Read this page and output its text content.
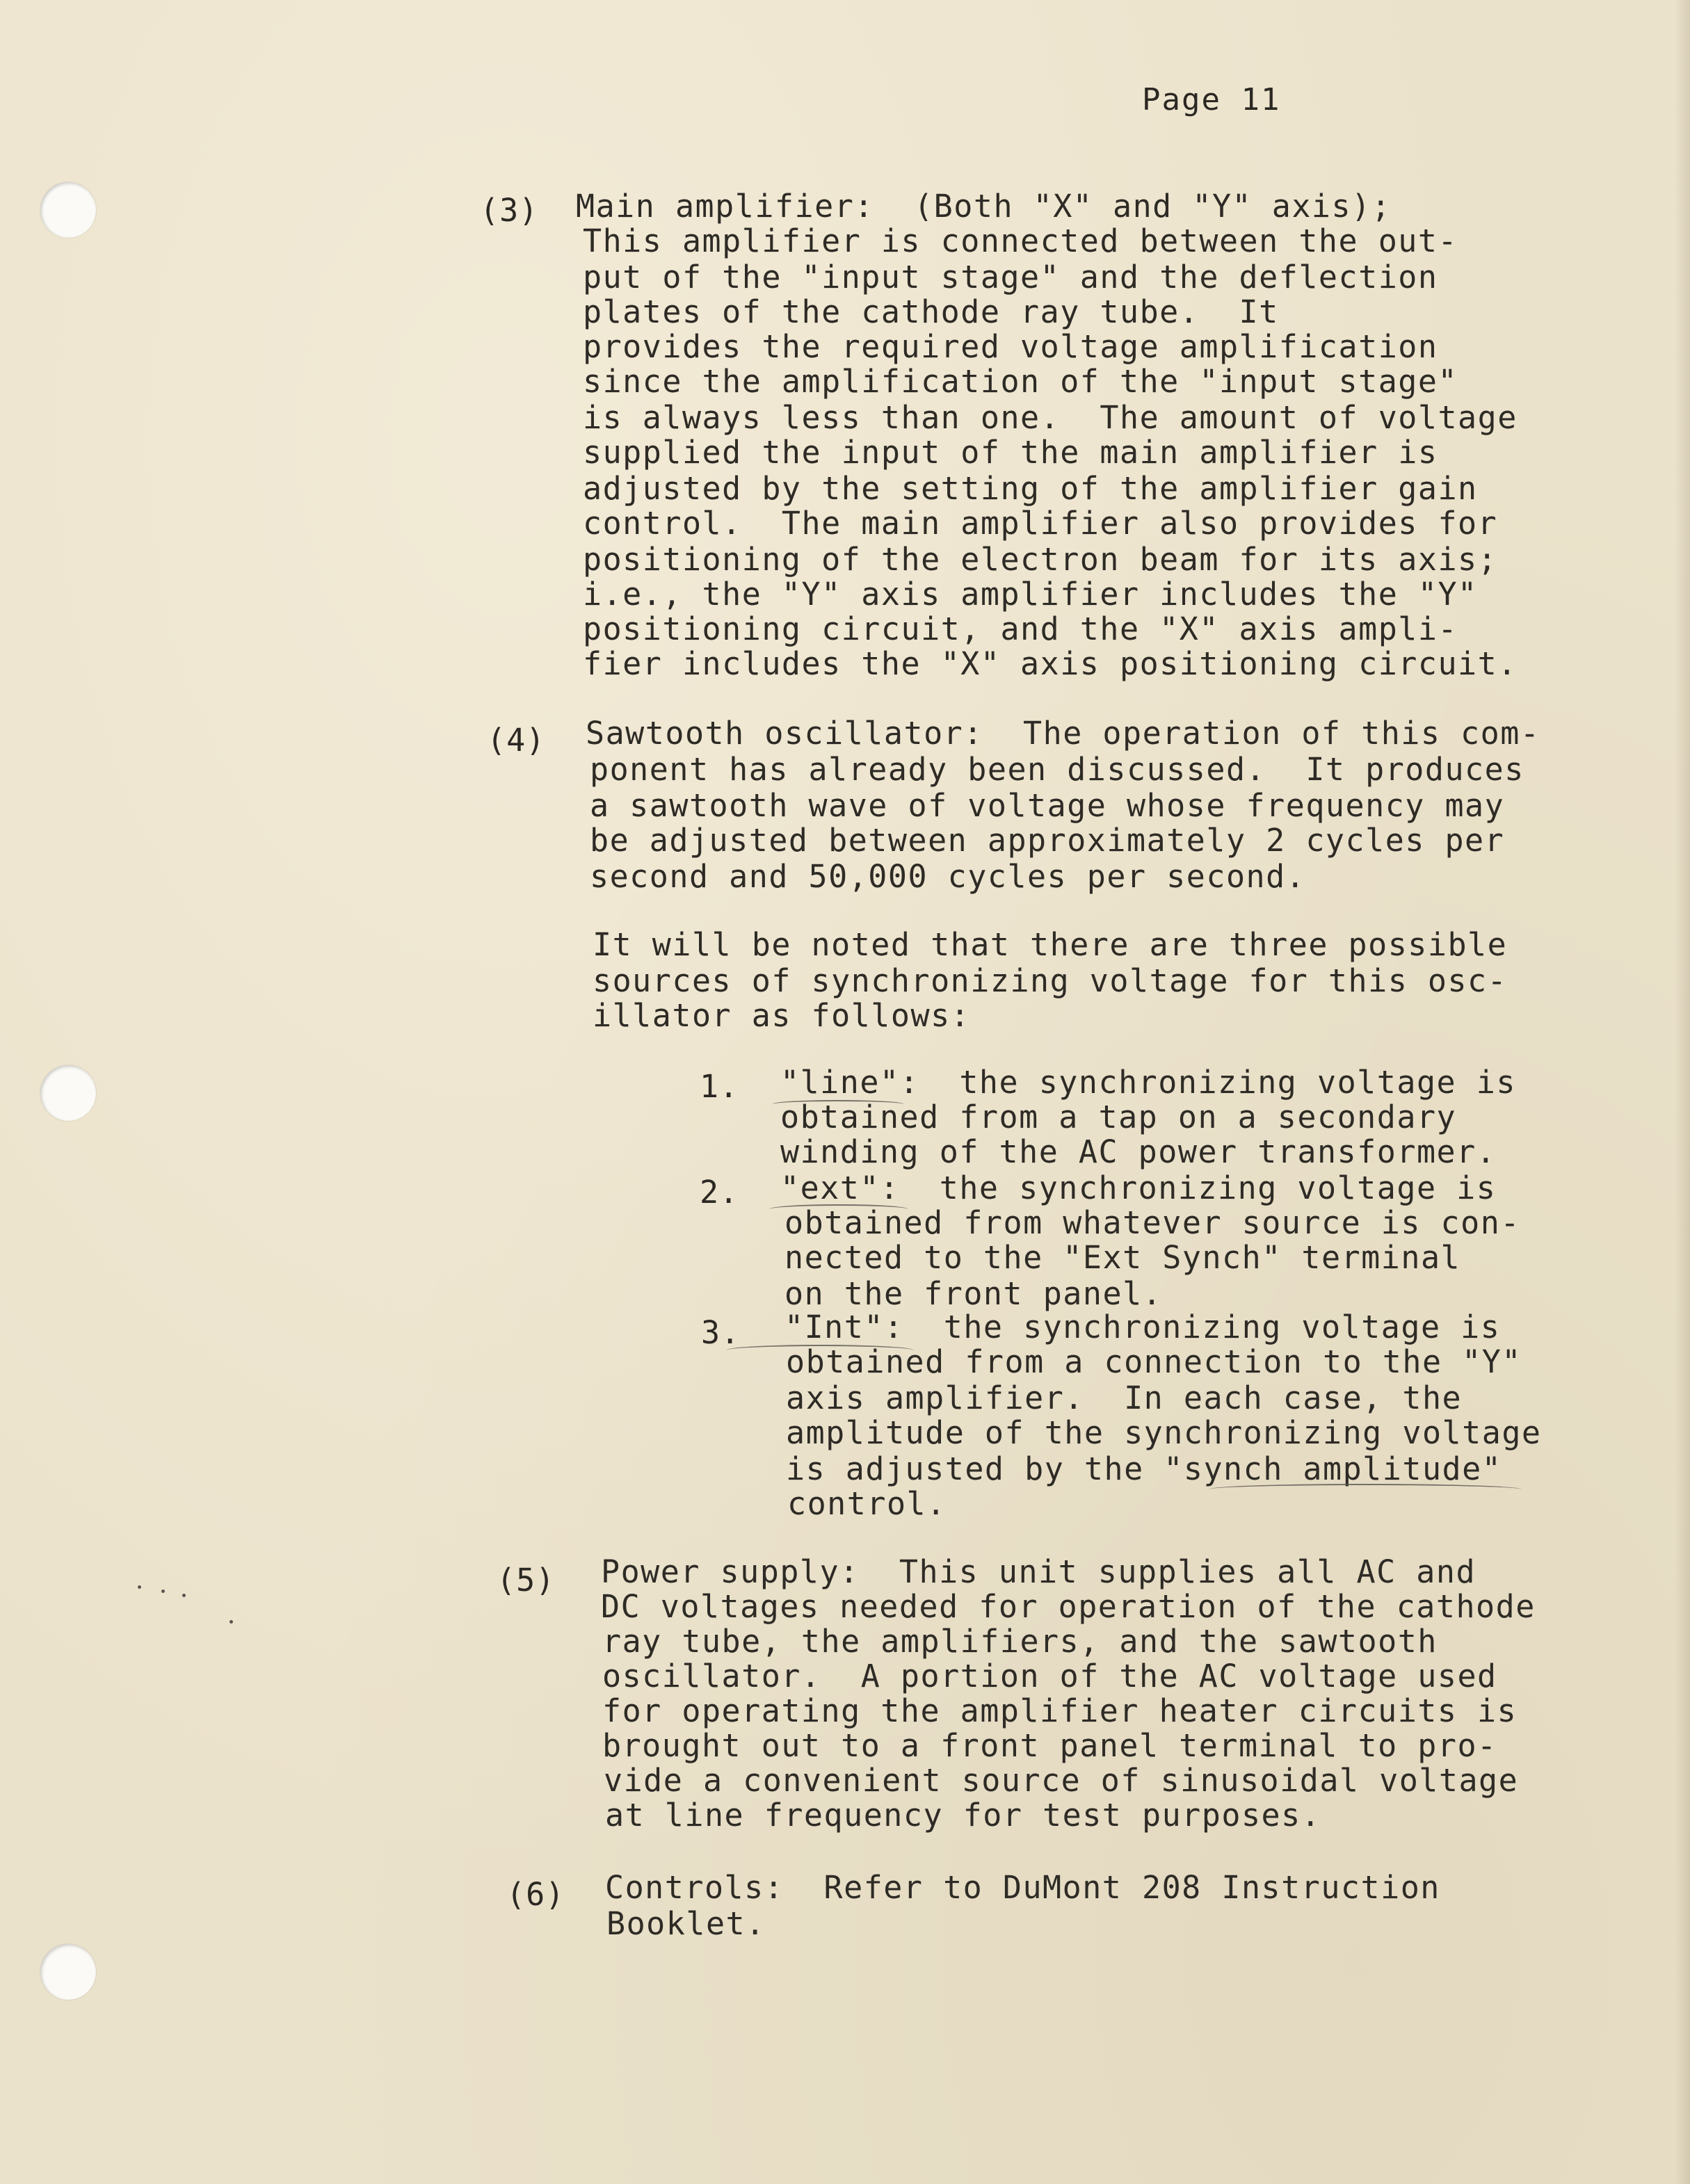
Page 11
(3) Main amplifier:  (Both "X" and "Y" axis);

This amplifier is connected between the out-

put of the "input stage" and the deflection

plates of the cathode ray tube.  It

provides the required voltage amplification

since the amplification of the "input stage"

is always less than one.  The amount of voltage

supplied the input of the main amplifier is

adjusted by the setting of the amplifier gain

control.  The main amplifier also provides for

positioning of the electron beam for its axis;

i.e., the "Y" axis amplifier includes the "Y"

positioning circuit, and the "X" axis ampli-

fier includes the "X" axis positioning circuit.

(4) Sawtooth oscillator:  The operation of this com-

ponent has already been discussed.  It produces

a sawtooth wave of voltage whose frequency may

be adjusted between approximately 2 cycles per

second and 50,000 cycles per second.

It will be noted that there are three possible

sources of synchronizing voltage for this osc-

illator as follows:

1. "line":  the synchronizing voltage is

obtained from a tap on a secondary

winding of the AC power transformer.

2. "ext":  the synchronizing voltage is

obtained from whatever source is con-

nected to the "Ext Synch" terminal

on the front panel.

3. "Int":  the synchronizing voltage is

obtained from a connection to the "Y"

axis amplifier.  In each case, the

amplitude of the synchronizing voltage

is adjusted by the "synch amplitude"

control.

(5) Power supply:  This unit supplies all AC and

DC voltages needed for operation of the cathode

ray tube, the amplifiers, and the sawtooth

oscillator.  A portion of the AC voltage used

for operating the amplifier heater circuits is

brought out to a front panel terminal to pro-

vide a convenient source of sinusoidal voltage

at line frequency for test purposes.

(6) Controls:  Refer to DuMont 208 Instruction

Booklet.
